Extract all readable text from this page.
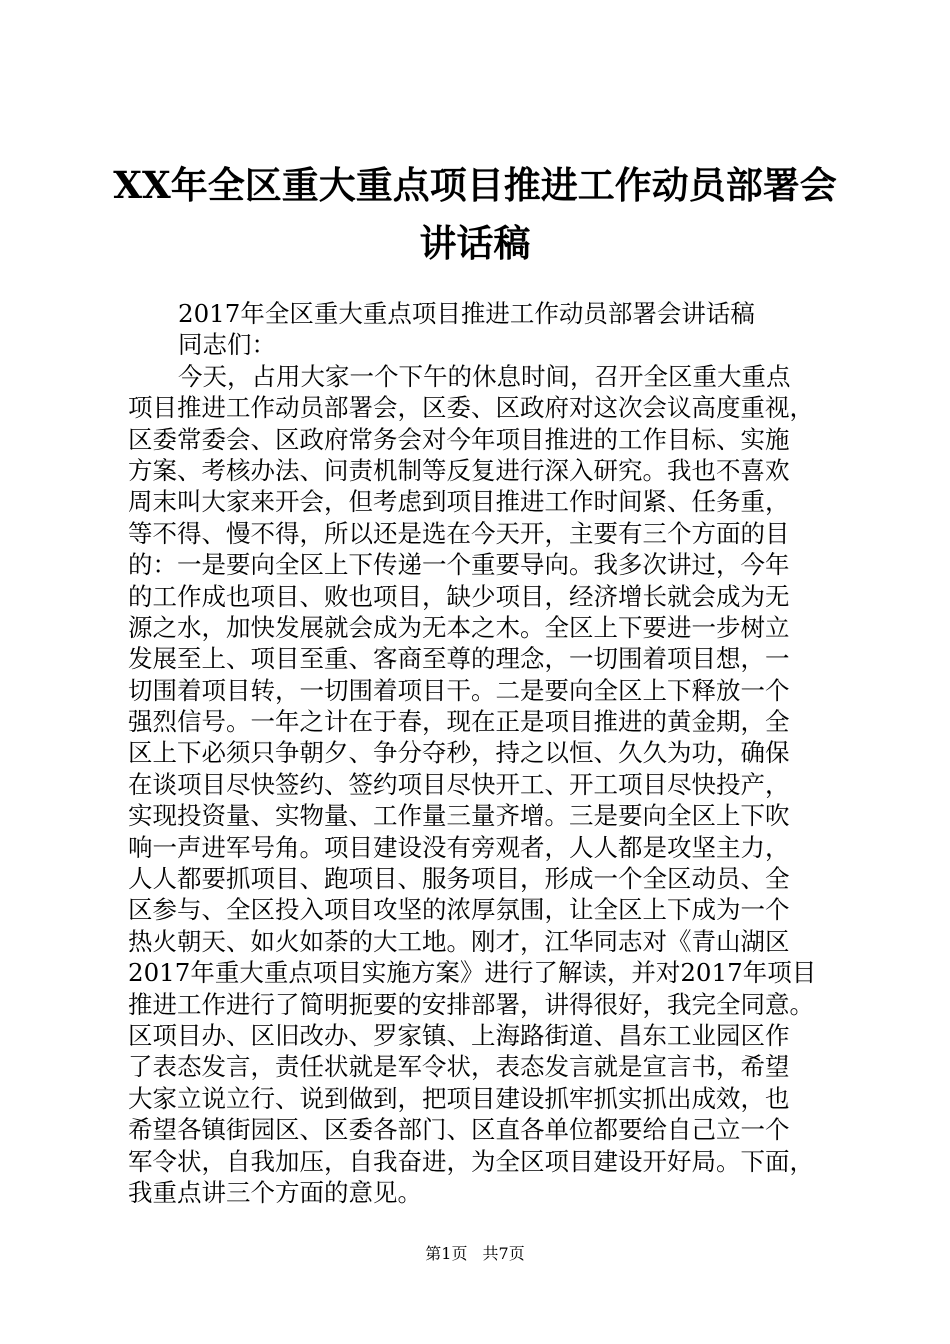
XX年全区重大重点项目推进工作动员部署会
讲话稿
2017年全区重大重点项目推进工作动员部署会讲话稿
同志们：
今天，占用大家一个下午的休息时间，召开全区重大重点
项目推进工作动员部署会，区委、区政府对这次会议高度重视，
区委常委会、区政府常务会对今年项目推进的工作目标、实施
方案、考核办法、问责机制等反复进行深入研究。我也不喜欢
周末叫大家来开会，但考虑到项目推进工作时间紧、任务重，
等不得、慢不得，所以还是选在今天开，主要有三个方面的目
的：一是要向全区上下传递一个重要导向。我多次讲过，今年
的工作成也项目、败也项目，缺少项目，经济增长就会成为无
源之水，加快发展就会成为无本之木。全区上下要进一步树立
发展至上、项目至重、客商至尊的理念，一切围着项目想，一
切围着项目转，一切围着项目干。二是要向全区上下释放一个
强烈信号。一年之计在于春，现在正是项目推进的黄金期，全
区上下必须只争朝夕、争分夺秒，持之以恒、久久为功，确保
在谈项目尽快签约、签约项目尽快开工、开工项目尽快投产，
实现投资量、实物量、工作量三量齐增。三是要向全区上下吹
响一声进军号角。项目建设没有旁观者，人人都是攻坚主力，
人人都要抓项目、跑项目、服务项目，形成一个全区动员、全
区参与、全区投入项目攻坚的浓厚氛围，让全区上下成为一个
热火朝天、如火如荼的大工地。刚才，江华同志对《青山湖区
2017年重大重点项目实施方案》进行了解读，并对2017年项目
推进工作进行了简明扼要的安排部署，讲得很好，我完全同意。
区项目办、区旧改办、罗家镇、上海路街道、昌东工业园区作
了表态发言，责任状就是军令状，表态发言就是宣言书，希望
大家立说立行、说到做到，把项目建设抓牢抓实抓出成效，也
希望各镇街园区、区委各部门、区直各单位都要给自己立一个
军令状，自我加压，自我奋进，为全区项目建设开好局。下面，
我重点讲三个方面的意见。
第1页 共7页
